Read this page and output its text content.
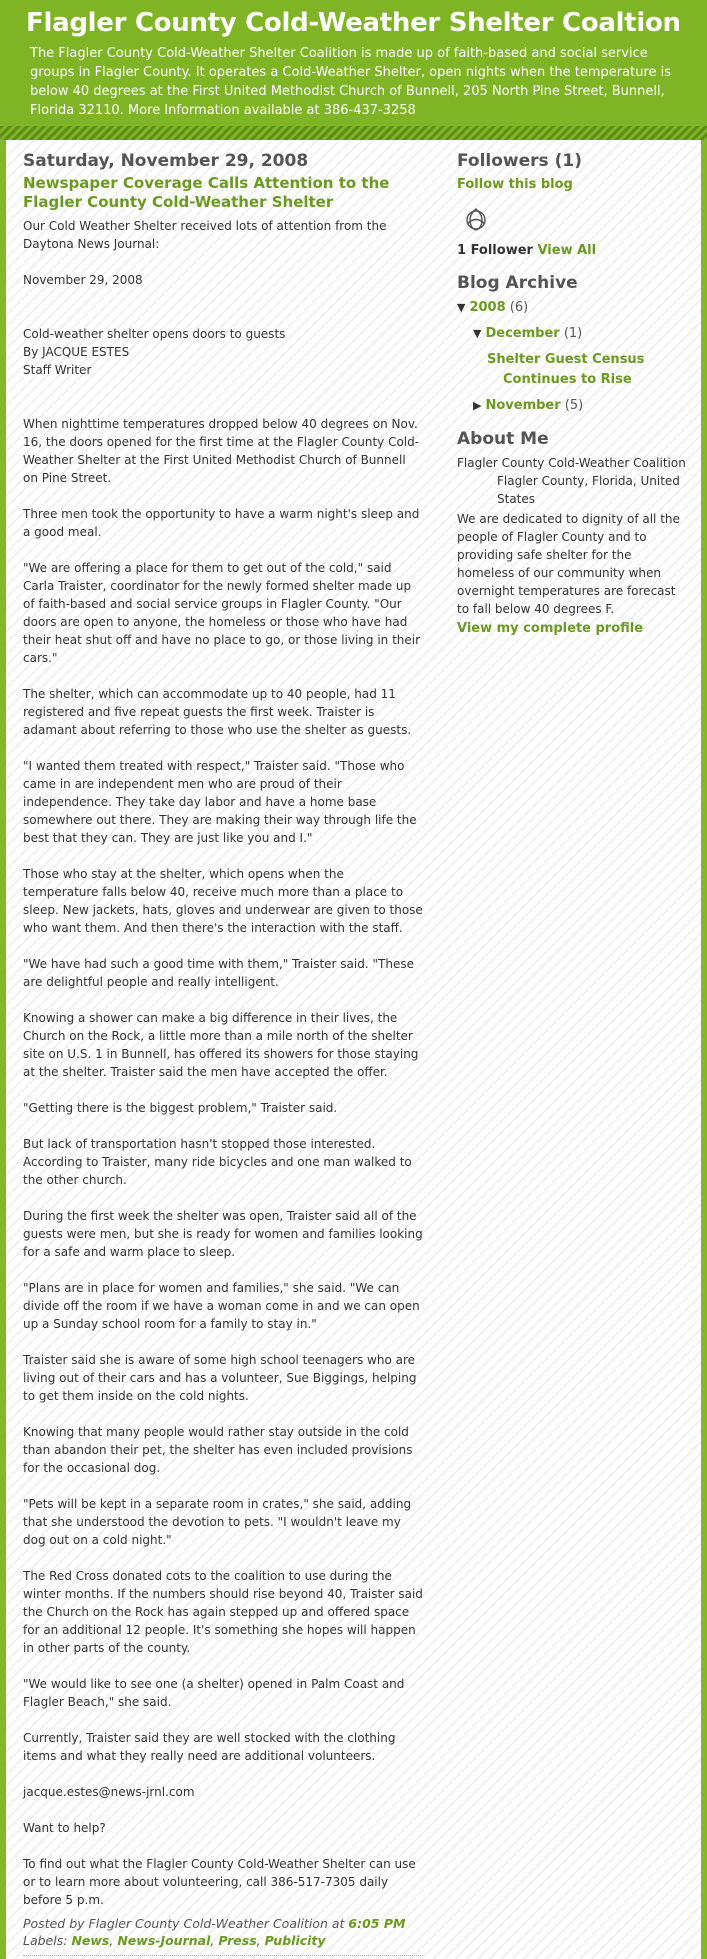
Flagler County Cold-Weather Shelter Coaltion
The Flagler County Cold-Weather Shelter Coalition is made up of faith-based and social service groups in Flagler County. It operates a Cold-Weather Shelter, open nights when the temperature is below 40 degrees at the First United Methodist Church of Bunnell, 205 North Pine Street, Bunnell, Florida 32110. More Information available at 386-437-3258
Saturday, November 29, 2008
Newspaper Coverage Calls Attention to the Flagler County Cold-Weather Shelter

Our Cold Weather Shelter received lots of attention from the Daytona News Journal:

November 29, 2008

Cold-weather shelter opens doors to guests

By JACQUE ESTES

Staff Writer

When nighttime temperatures dropped below 40 degrees on Nov. 16, the doors opened for the first time at the Flagler County Cold-Weather Shelter at the First United Methodist Church of Bunnell on Pine Street.

Three men took the opportunity to have a warm night's sleep and a good meal.

"We are offering a place for them to get out of the cold," said Carla Traister, coordinator for the newly formed shelter made up of faith-based and social service groups in Flagler County. "Our doors are open to anyone, the homeless or those who have had their heat shut off and have no place to go, or those living in their cars."

The shelter, which can accommodate up to 40 people, had 11 registered and five repeat guests the first week. Traister is adamant about referring to those who use the shelter as guests.

"I wanted them treated with respect," Traister said. "Those who came in are independent men who are proud of their independence. They take day labor and have a home base somewhere out there. They are making their way through life the best that they can. They are just like you and I."

Those who stay at the shelter, which opens when the temperature falls below 40, receive much more than a place to sleep. New jackets, hats, gloves and underwear are given to those who want them. And then there's the interaction with the staff.

"We have had such a good time with them," Traister said. "These are delightful people and really intelligent.

Knowing a shower can make a big difference in their lives, the Church on the Rock, a little more than a mile north of the shelter site on U.S. 1 in Bunnell, has offered its showers for those staying at the shelter. Traister said the men have accepted the offer.

"Getting there is the biggest problem," Traister said.

But lack of transportation hasn't stopped those interested. According to Traister, many ride bicycles and one man walked to the other church.

During the first week the shelter was open, Traister said all of the guests were men, but she is ready for women and families looking for a safe and warm place to sleep.

"Plans are in place for women and families," she said. "We can divide off the room if we have a woman come in and we can open up a Sunday school room for a family to stay in."

Traister said she is aware of some high school teenagers who are living out of their cars and has a volunteer, Sue Biggings, helping to get them inside on the cold nights.

Knowing that many people would rather stay outside in the cold than abandon their pet, the shelter has even included provisions for the occasional dog.

"Pets will be kept in a separate room in crates," she said, adding that she understood the devotion to pets. "I wouldn't leave my dog out on a cold night."

The Red Cross donated cots to the coalition to use during the winter months. If the numbers should rise beyond 40, Traister said the Church on the Rock has again stepped up and offered space for an additional 12 people. It's something she hopes will happen in other parts of the county.

"We would like to see one (a shelter) opened in Palm Coast and Flagler Beach," she said.

Currently, Traister said they are well stocked with the clothing items and what they really need are additional volunteers.

jacque.estes@news-jrnl.com

Want to help?

To find out what the Flagler County Cold-Weather Shelter can use or to learn more about volunteering, call 386-517-7305 daily before 5 p.m.

Posted by Flagler County Cold-Weather Coalition at 6:05 PM
Labels: News, News-Journal, Press, Publicity
Followers (1)
Follow this blog
1 Follower View All
Blog Archive
▼ 2008 (6)
▼ December (1)
Shelter Guest Census
Continues to Rise
▶ November (5)
About Me
Flagler County Cold-Weather Coalition
Flagler County, Florida, United States
We are dedicated to dignity of all the people of Flagler County and to providing safe shelter for the homeless of our community when overnight temperatures are forecast to fall below 40 degrees F.
View my complete profile
